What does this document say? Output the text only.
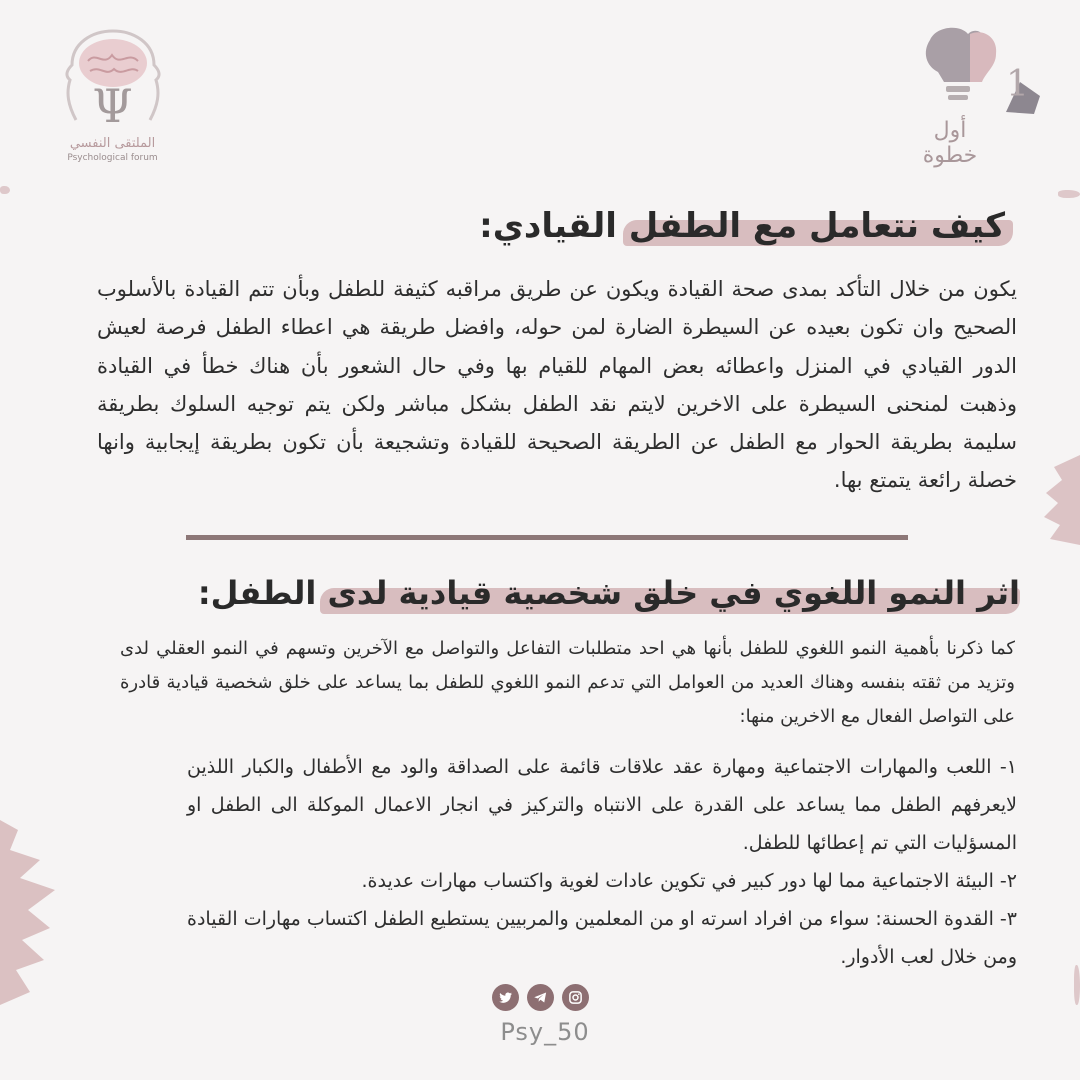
Ψ
الملتقى النفسي
Psychological forum
1
أول خطوة
كيف نتعامل مع الطفل القيادي:
يكون من خلال التأكد بمدى صحة القيادة ويكون عن طريق مراقبه كثيفة للطفل وبأن تتم القيادة بالأسلوب الصحيح وان تكون بعيده عن السيطرة الضارة لمن حوله، وافضل طريقة هي اعطاء الطفل فرصة لعيش الدور القيادي في المنزل واعطائه بعض المهام للقيام بها وفي حال الشعور بأن هناك خطأ في القيادة وذهبت لمنحنى السيطرة على الاخرين لايتم نقد الطفل بشكل مباشر ولكن يتم توجيه السلوك بطريقة سليمة بطريقة الحوار مع الطفل عن الطريقة الصحيحة للقيادة وتشجيعة بأن تكون بطريقة إيجابية وانها خصلة رائعة يتمتع بها.
اثر النمو اللغوي في خلق شخصية قيادية لدى الطفل:
كما ذكرنا بأهمية النمو اللغوي للطفل بأنها هي احد متطلبات التفاعل والتواصل مع الآخرين وتسهم في النمو العقلي لدى وتزيد من ثقته بنفسه وهناك العديد من العوامل التي تدعم النمو اللغوي للطفل بما يساعد على خلق شخصية قيادية قادرة على التواصل الفعال مع الاخرين منها:
١- اللعب والمهارات الاجتماعية ومهارة عقد علاقات قائمة على الصداقة والود مع الأطفال والكبار اللذين لايعرفهم الطفل مما يساعد على القدرة على الانتباه والتركيز في انجار الاعمال الموكلة الى الطفل او المسؤليات التي تم إعطائها للطفل.
٢- البيئة الاجتماعية مما لها دور كبير في تكوين عادات لغوية واكتساب مهارات عديدة.
٣- القدوة الحسنة: سواء من افراد اسرته او من المعلمين والمربيين يستطيع الطفل اكتساب مهارات القيادة ومن خلال لعب الأدوار.
Psy_50
